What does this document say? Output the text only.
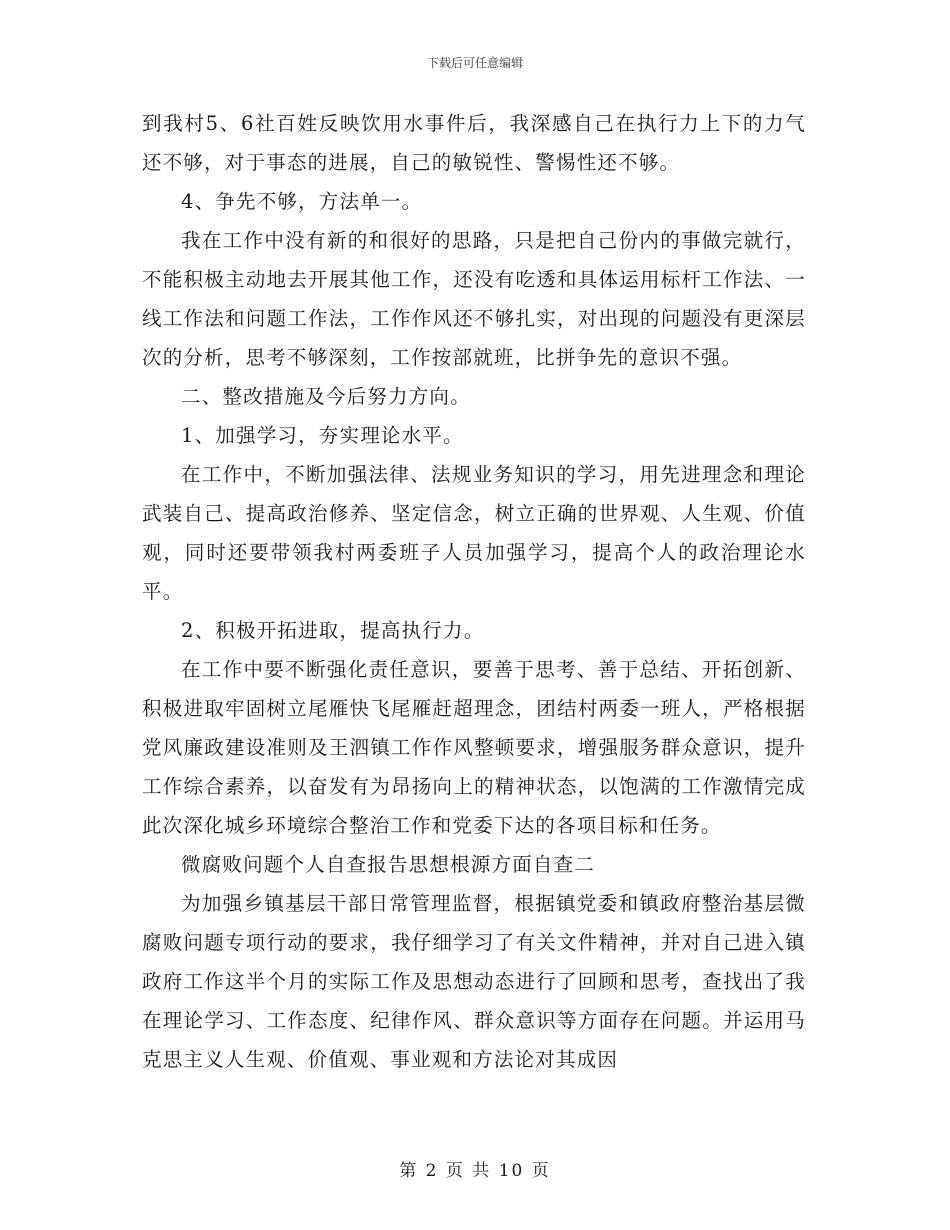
下载后可任意编辑

到我村5、6社百姓反映饮用水事件后，我深感自己在执行力上下的力气还不够，对于事态的进展，自己的敏锐性、警惕性还不够。

4、争先不够，方法单一。

我在工作中没有新的和很好的思路，只是把自己份内的事做完就行，不能积极主动地去开展其他工作，还没有吃透和具体运用标杆工作法、一线工作法和问题工作法，工作作风还不够扎实，对出现的问题没有更深层次的分析，思考不够深刻，工作按部就班，比拼争先的意识不强。

二、整改措施及今后努力方向。

1、加强学习，夯实理论水平。

在工作中，不断加强法律、法规业务知识的学习，用先进理念和理论武装自己、提高政治修养、坚定信念，树立正确的世界观、人生观、价值观，同时还要带领我村两委班子人员加强学习，提高个人的政治理论水平。

2、积极开拓进取，提高执行力。

在工作中要不断强化责任意识，要善于思考、善于总结、开拓创新、积极进取牢固树立尾雁快飞尾雁赶超理念，团结村两委一班人，严格根据党风廉政建设准则及王泗镇工作作风整顿要求，增强服务群众意识，提升工作综合素养，以奋发有为昂扬向上的精神状态，以饱满的工作激情完成此次深化城乡环境综合整治工作和党委下达的各项目标和任务。

微腐败问题个人自查报告思想根源方面自查二

为加强乡镇基层干部日常管理监督，根据镇党委和镇政府整治基层微腐败问题专项行动的要求，我仔细学习了有关文件精神，并对自己进入镇政府工作这半个月的实际工作及思想动态进行了回顾和思考，查找出了我在理论学习、工作态度、纪律作风、群众意识等方面存在问题。并运用马克思主义人生观、价值观、事业观和方法论对其成因

第 2 页 共 10 页
